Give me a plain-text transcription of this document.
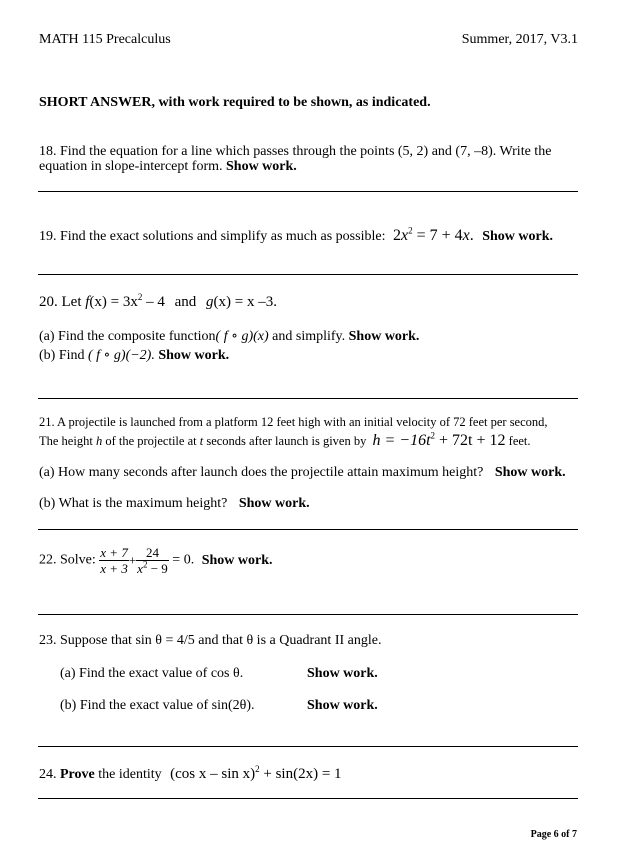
MATH 115 Precalculus	Summer, 2017, V3.1
SHORT ANSWER, with work required to be shown, as indicated.
18. Find the equation for a line which passes through the points (5, 2) and (7, –8). Write the
equation in slope-intercept form. Show work.
19. Find the exact solutions and simplify as much as possible: $2x^2 = 7 + 4x$. Show work.
20. Let $f(x) = 3x^2 - 4$ and g(x) = x –3.
(a) Find the composite function( f ∘ g)(x) and simplify. Show work.
(b) Find ( f ∘ g)(−2). Show work.
21. A projectile is launched from a platform 12 feet high with an initial velocity of 72 feet per second,
The height h of the projectile at t seconds after launch is given by $h = -16t^2 + 72t + 12$ feet.
(a) How many seconds after launch does the projectile attain maximum height? Show work.
(b) What is the maximum height? Show work.
22. Solve: $\frac{x + 7}{x + 3} + \frac{24}{x^2 - 9} = 0$. Show work.
23. Suppose that sin θ = 4/5 and that θ is a Quadrant II angle.
(a) Find the exact value of cos θ.	Show work.
(b) Find the exact value of sin(2θ).	Show work.
24. Prove the identity (cos x – sin x)$^2$ + sin(2x) = 1
Page 6 of 7
